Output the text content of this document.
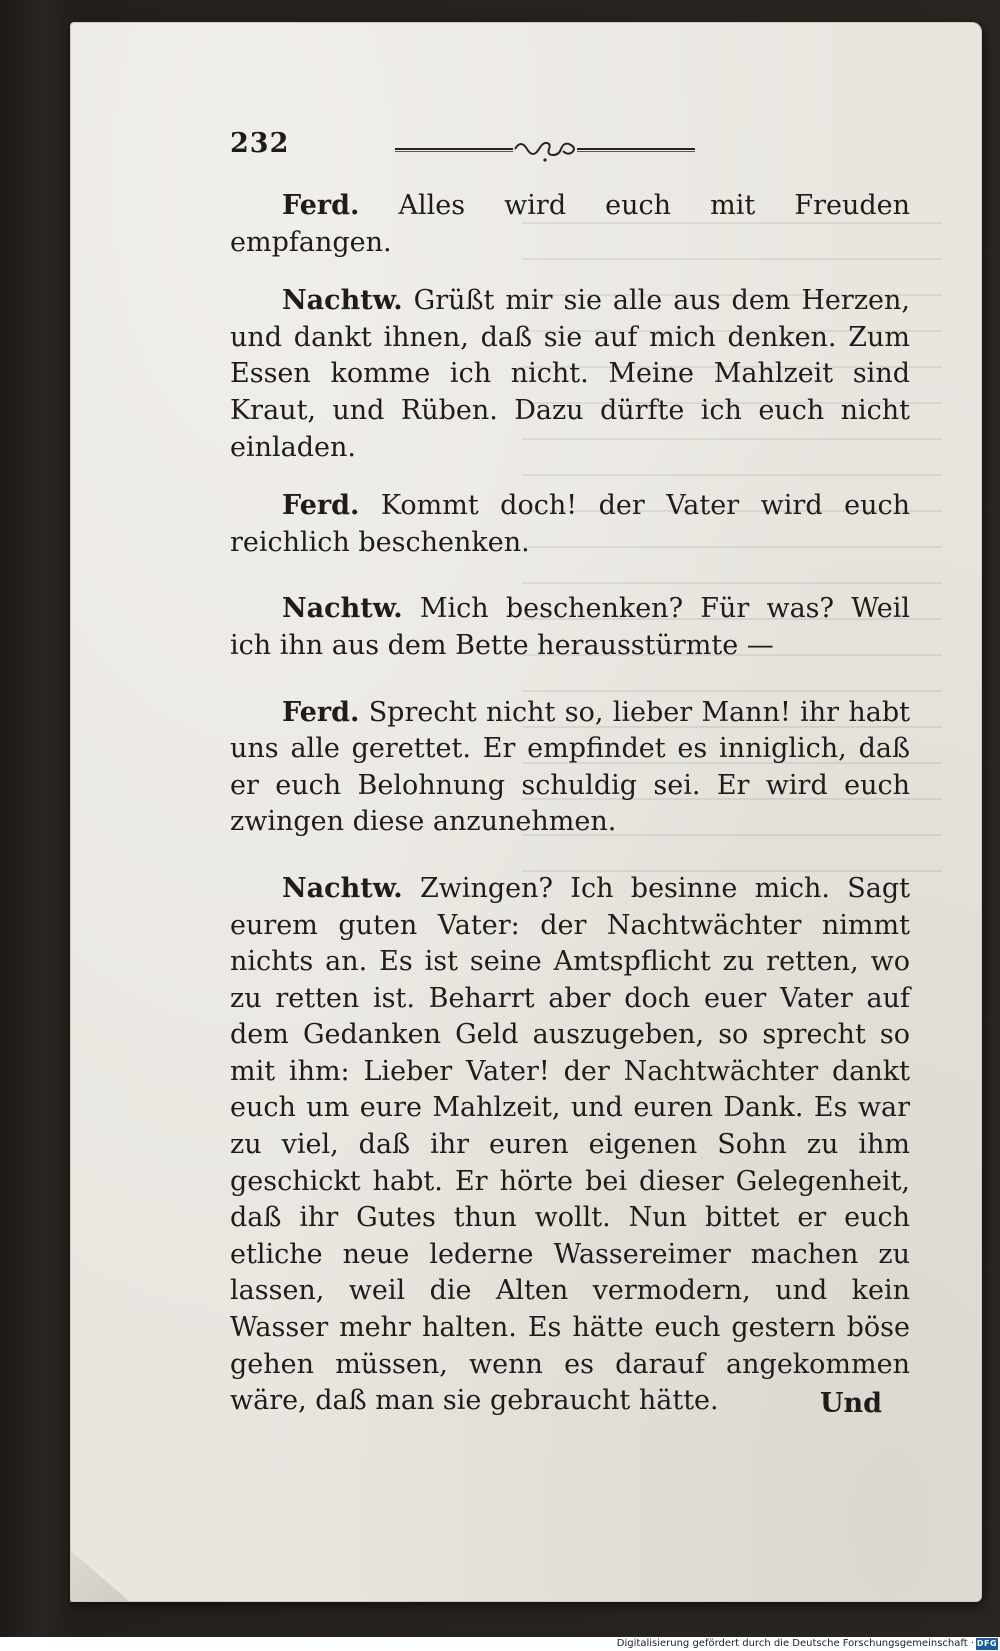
232

Ferd. Alles wird euch mit Freuden empfangen.

Nachtw. Grüßt mir sie alle aus dem Herzen, und dankt ihnen, daß sie auf mich denken. Zum Essen komme ich nicht. Meine Mahlzeit sind Kraut, und Rüben. Dazu dürfte ich euch nicht einladen.

Ferd. Kommt doch! der Vater wird euch reichlich beschenken.

Nachtw. Mich beschenken? Für was? Weil ich ihn aus dem Bette herausstürmte —

Ferd. Sprecht nicht so, lieber Mann! ihr habt uns alle gerettet. Er empfindet es inniglich, daß er euch Belohnung schuldig sei. Er wird euch zwingen diese anzunehmen.

Nachtw. Zwingen? Ich besinne mich. Sagt eurem guten Vater: der Nachtwächter nimmt nichts an. Es ist seine Amtspflicht zu retten, wo zu retten ist. Beharrt aber doch euer Vater auf dem Gedanken Geld auszugeben, so sprecht so mit ihm: Lieber Vater! der Nachtwächter dankt euch um eure Mahlzeit, und euren Dank. Es war zu viel, daß ihr euren eigenen Sohn zu ihm geschickt habt. Er hörte bei dieser Gelegenheit, daß ihr Gutes thun wollt. Nun bittet er euch etliche neue lederne Wassereimer machen zu lassen, weil die Alten vermodern, und kein Wasser mehr halten. Es hätte euch gestern böse gehen müssen, wenn es darauf angekommen wäre, daß man sie gebraucht hätte.	Und
Digitalisierung gefördert durch die Deutsche Forschungsgemeinschaft · DFG
